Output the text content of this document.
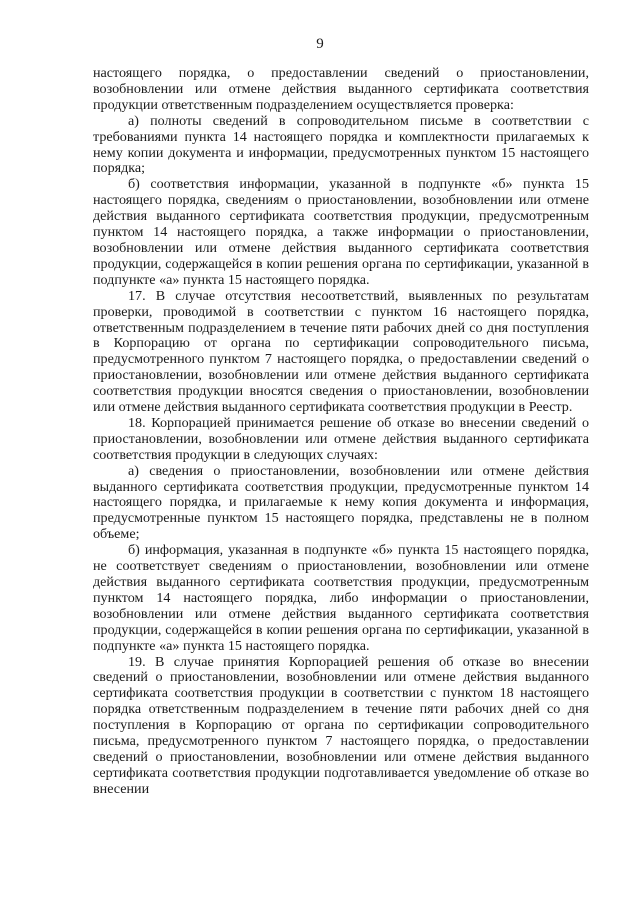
9

настоящего порядка, о предоставлении сведений о приостановлении, возобновлении или отмене действия выданного сертификата соответствия продукции ответственным подразделением осуществляется проверка:

а) полноты сведений в сопроводительном письме в соответствии с требованиями пункта 14 настоящего порядка и комплектности прилагаемых к нему копии документа и информации, предусмотренных пунктом 15 настоящего порядка;

б) соответствия информации, указанной в подпункте «б» пункта 15 настоящего порядка, сведениям о приостановлении, возобновлении или отмене действия выданного сертификата соответствия продукции, предусмотренным пунктом 14 настоящего порядка, а также информации о приостановлении, возобновлении или отмене действия выданного сертификата соответствия продукции, содержащейся в копии решения органа по сертификации, указанной в подпункте «а» пункта 15 настоящего порядка.

17. В случае отсутствия несоответствий, выявленных по результатам проверки, проводимой в соответствии с пунктом 16 настоящего порядка, ответственным подразделением в течение пяти рабочих дней со дня поступления в Корпорацию от органа по сертификации сопроводительного письма, предусмотренного пунктом 7 настоящего порядка, о предоставлении сведений о приостановлении, возобновлении или отмене действия выданного сертификата соответствия продукции вносятся сведения о приостановлении, возобновлении или отмене действия выданного сертификата соответствия продукции в Реестр.

18. Корпорацией принимается решение об отказе во внесении сведений о приостановлении, возобновлении или отмене действия выданного сертификата соответствия продукции в следующих случаях:

а) сведения о приостановлении, возобновлении или отмене действия выданного сертификата соответствия продукции, предусмотренные пунктом 14 настоящего порядка, и прилагаемые к нему копия документа и информация, предусмотренные пунктом 15 настоящего порядка, представлены не в полном объеме;

б) информация, указанная в подпункте «б» пункта 15 настоящего порядка, не соответствует сведениям о приостановлении, возобновлении или отмене действия выданного сертификата соответствия продукции, предусмотренным пунктом 14 настоящего порядка, либо информации о приостановлении, возобновлении или отмене действия выданного сертификата соответствия продукции, содержащейся в копии решения органа по сертификации, указанной в подпункте «а» пункта 15 настоящего порядка.

19. В случае принятия Корпорацией решения об отказе во внесении сведений о приостановлении, возобновлении или отмене действия выданного сертификата соответствия продукции в соответствии с пунктом 18 настоящего порядка ответственным подразделением в течение пяти рабочих дней со дня поступления в Корпорацию от органа по сертификации сопроводительного письма, предусмотренного пунктом 7 настоящего порядка, о предоставлении сведений о приостановлении, возобновлении или отмене действия выданного сертификата соответствия продукции подготавливается уведомление об отказе во внесении
